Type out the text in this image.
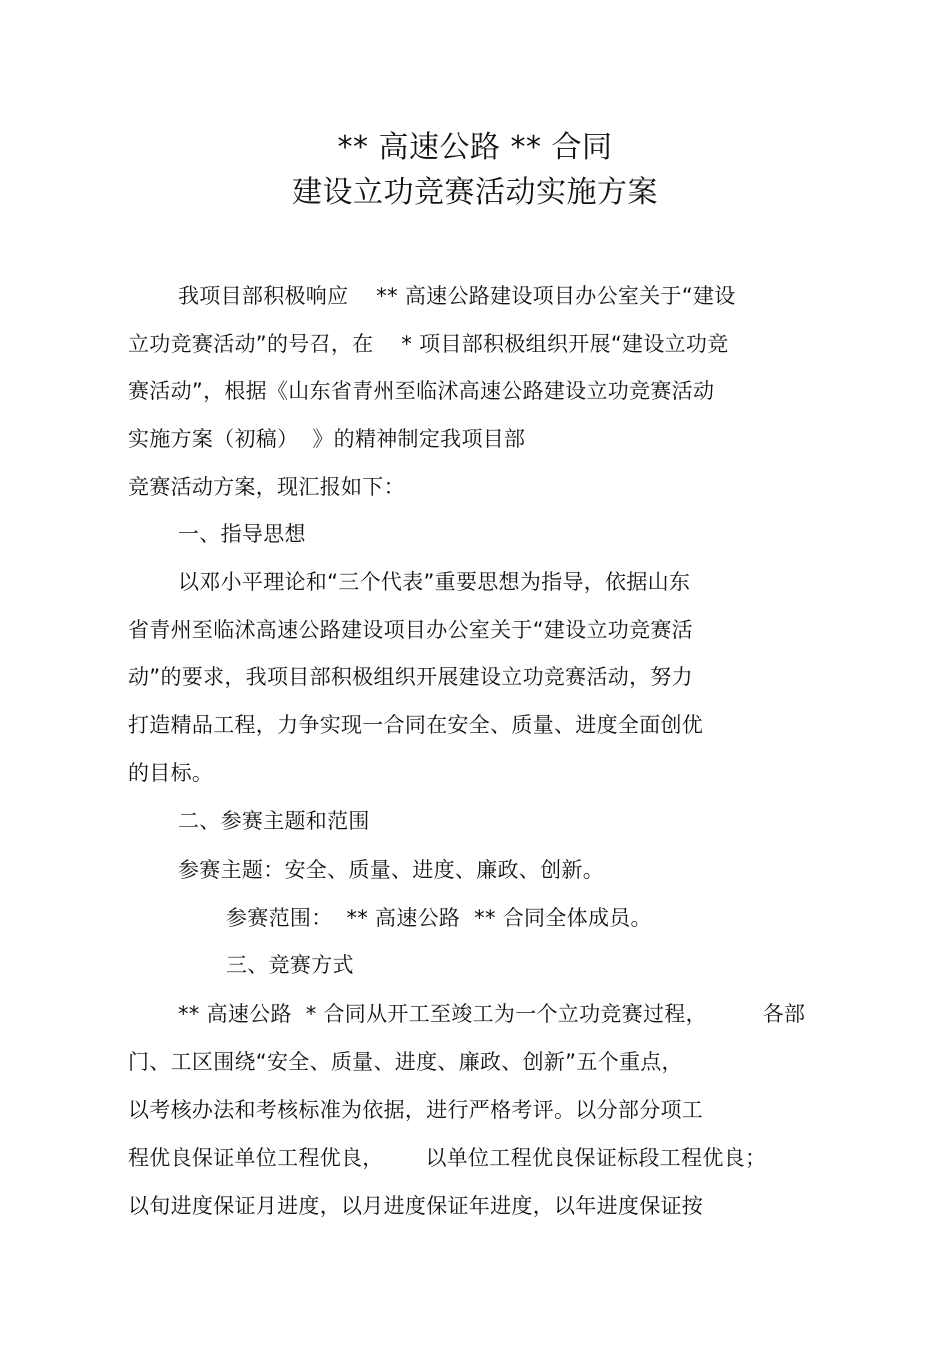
** 高速公路 ** 合同
建设立功竞赛活动实施方案
我项目部积极响应    ** 高速公路建设项目办公室关于“建设
立功竞赛活动”的号召，在    * 项目部积极组织开展“建设立功竞
赛活动”，根据《山东省青州至临沭高速公路建设立功竞赛活动
实施方案（初稿）  》的精神制定我项目部
竞赛活动方案，现汇报如下：
一、指导思想
以邓小平理论和“三个代表”重要思想为指导，依据山东
省青州至临沭高速公路建设项目办公室关于“建设立功竞赛活
动”的要求，我项目部积极组织开展建设立功竞赛活动，努力
打造精品工程，力争实现一合同在安全、质量、进度全面创优
的目标。
二、参赛主题和范围
参赛主题：安全、质量、进度、廉政、创新。
参赛范围：  ** 高速公路  ** 合同全体成员。
三、竞赛方式
** 高速公路  * 合同从开工至竣工为一个立功竞赛过程，        各部
门、工区围绕“安全、质量、进度、廉政、创新”五个重点，
以考核办法和考核标准为依据，进行严格考评。以分部分项工
程优良保证单位工程优良，      以单位工程优良保证标段工程优良；
以旬进度保证月进度，以月进度保证年进度，以年进度保证按
